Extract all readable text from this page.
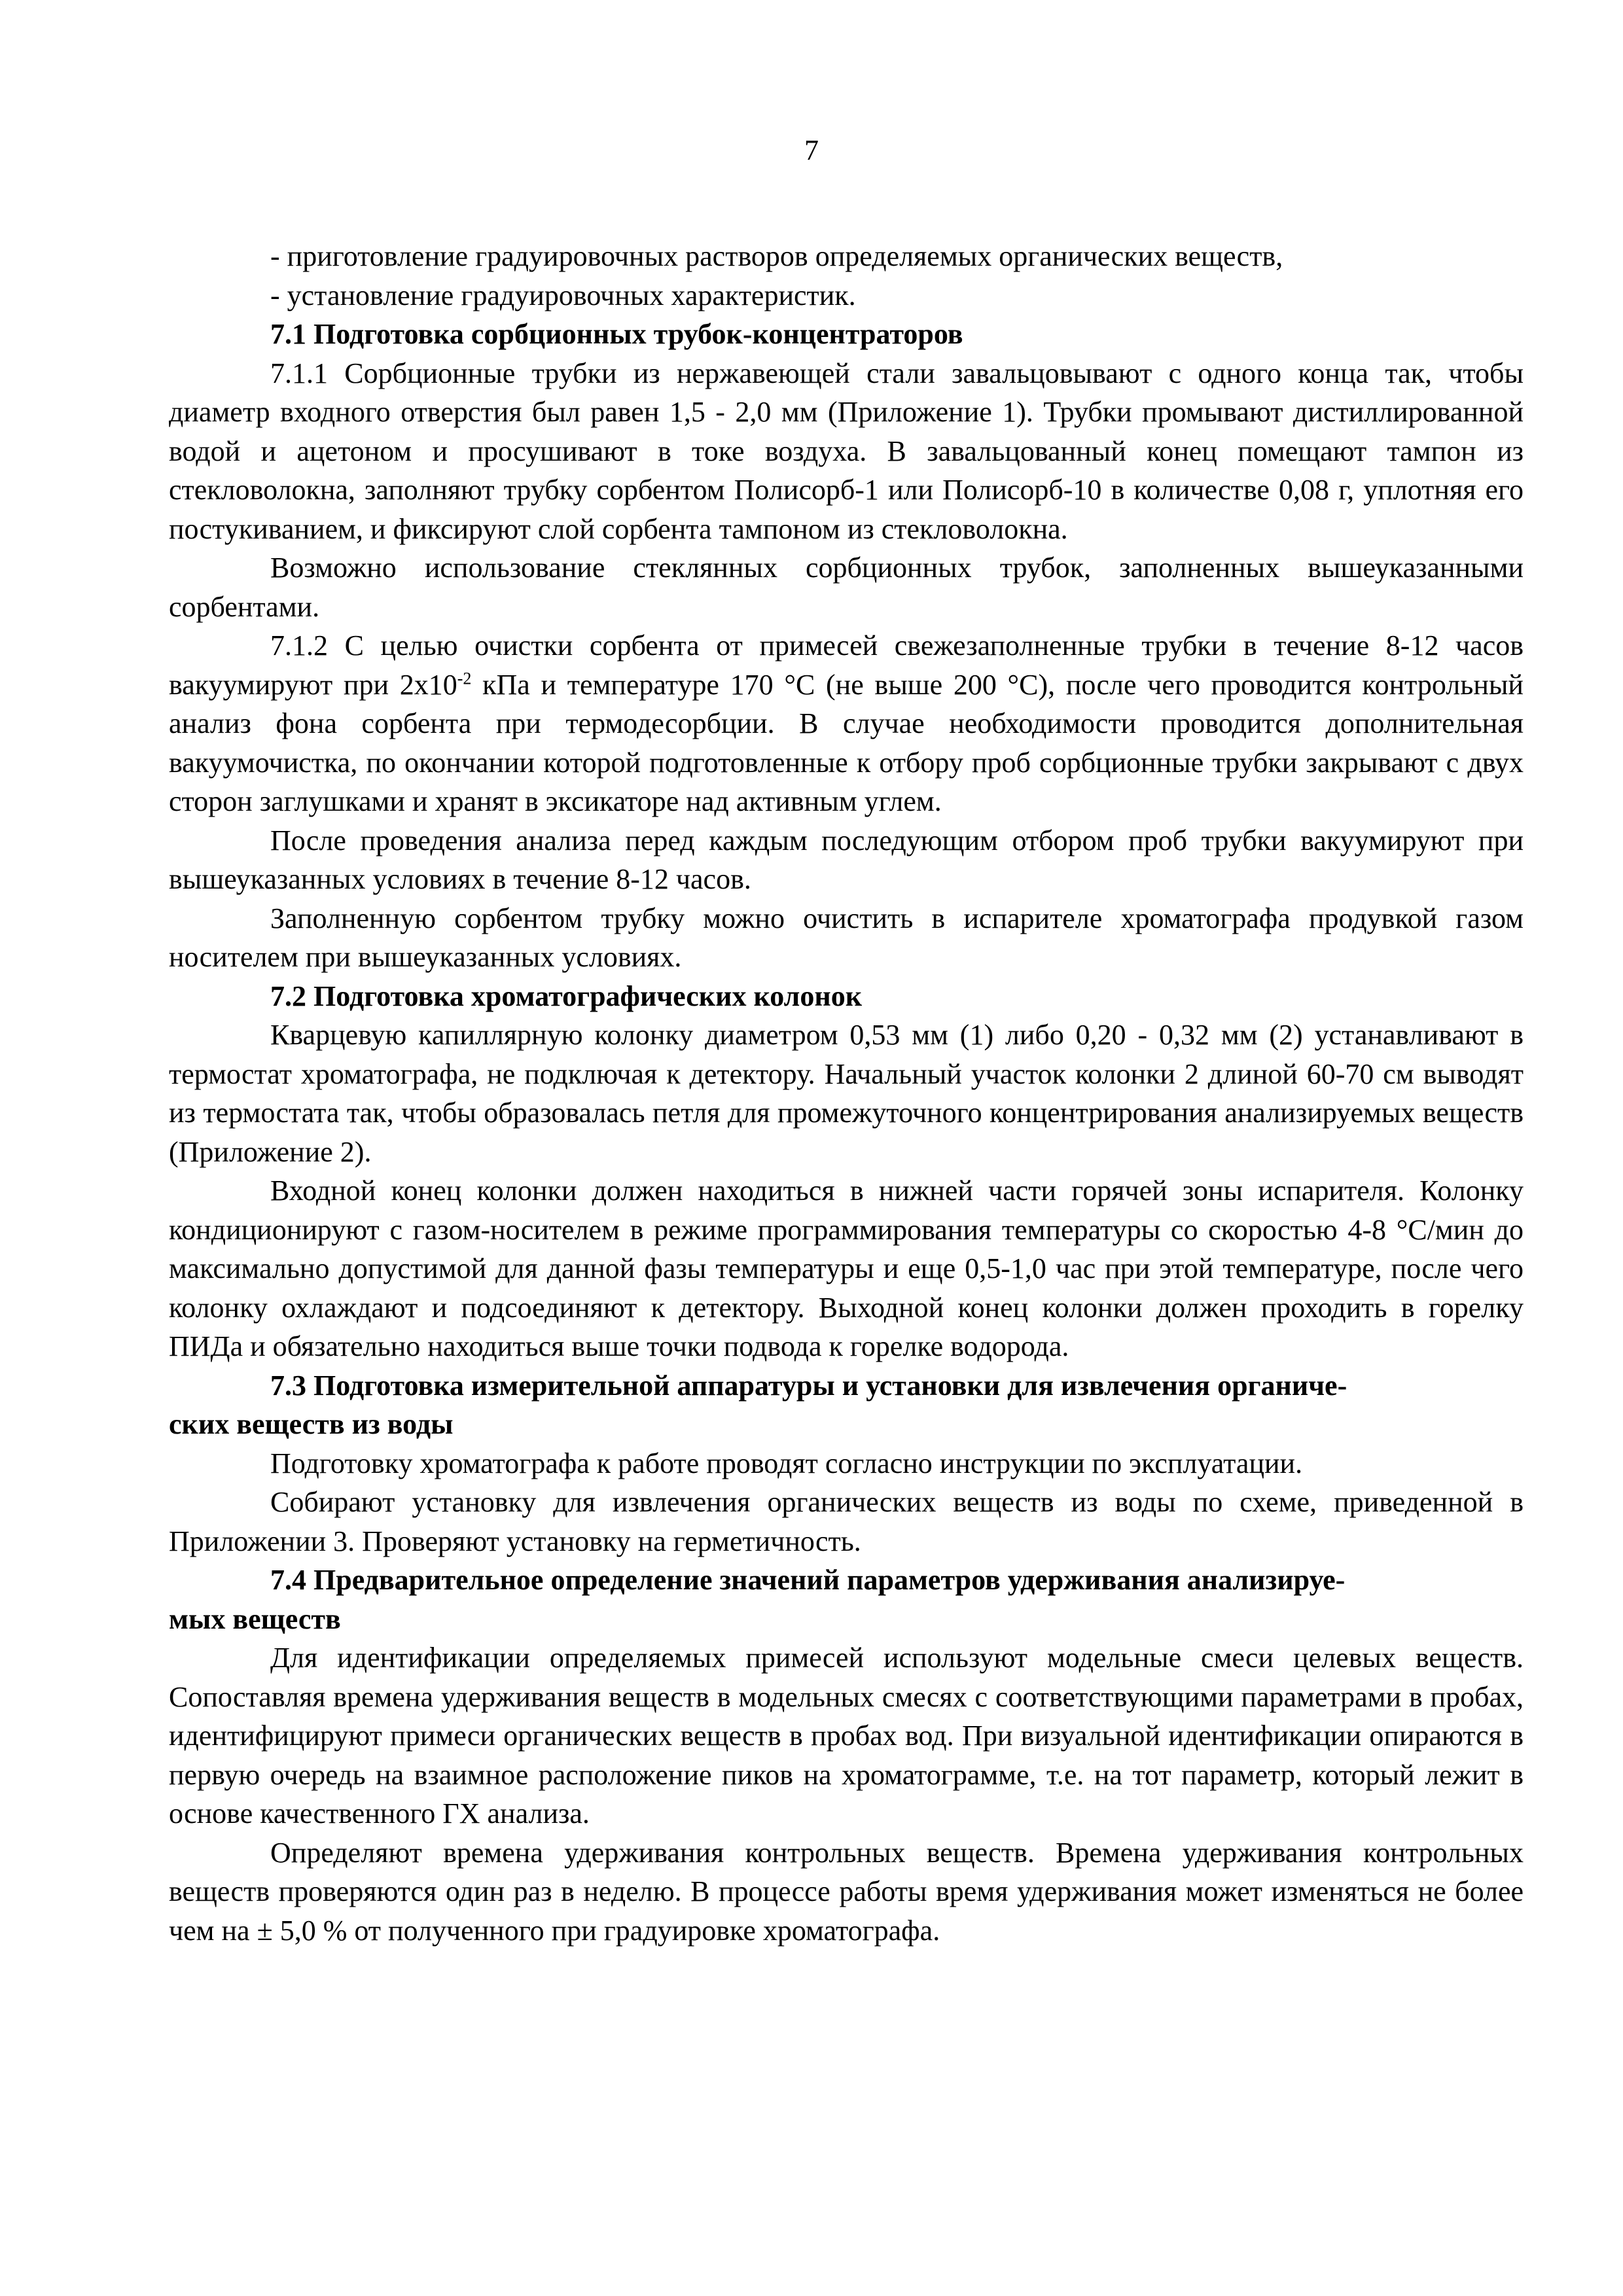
7

- приготовление градуировочных растворов определяемых органических веществ,

- установление градуировочных характеристик.

7.1 Подготовка сорбционных трубок-концентраторов

7.1.1 Сорбционные трубки из нержавеющей стали завальцовывают с одного конца так, чтобы диаметр входного отверстия был равен 1,5 - 2,0 мм (Приложение 1). Трубки промывают дистиллированной водой и ацетоном и просушивают в токе воздуха. В завальцованный конец помещают тампон из стекловолокна, заполняют трубку сорбентом Полисорб-1 или Полисорб-10 в количестве 0,08 г, уплотняя его постукиванием, и фиксируют слой сорбента тампоном из стекловолокна.

Возможно использование стеклянных сорбционных трубок, заполненных вышеуказанными сорбентами.

7.1.2 С целью очистки сорбента от примесей свежезаполненные трубки в течение 8-12 часов вакуумируют при $2х10^{-2}$ кПа и температуре 170 °С (не выше 200 °С), после чего проводится контрольный анализ фона сорбента при термодесорбции. В случае необходимости проводится дополнительная вакуумочистка, по окончании которой подготовленные к отбору проб сорбционные трубки закрывают с двух сторон заглушками и хранят в эксикаторе над активным углем.

После проведения анализа перед каждым последующим отбором проб трубки вакуумируют при вышеуказанных условиях в течение 8-12 часов.

Заполненную сорбентом трубку можно очистить в испарителе хроматографа продувкой газом носителем при вышеуказанных условиях.

7.2 Подготовка хроматографических колонок

Кварцевую капиллярную колонку диаметром 0,53 мм (1) либо 0,20 - 0,32 мм (2) устанавливают в термостат хроматографа, не подключая к детектору. Начальный участок колонки 2 длиной 60-70 см выводят из термостата так, чтобы образовалась петля для промежуточного концентрирования анализируемых веществ (Приложение 2).

Входной конец колонки должен находиться в нижней части горячей зоны испарителя. Колонку кондиционируют с газом-носителем в режиме программирования температуры со скоростью 4-8 °С/мин до максимально допустимой для данной фазы температуры и еще 0,5-1,0 час при этой температуре, после чего колонку охлаждают и подсоединяют к детектору. Выходной конец колонки должен проходить в горелку ПИДа и обязательно находиться выше точки подвода к горелке водорода.

7.3 Подготовка измерительной аппаратуры и установки для извлечения органиче-

ских веществ из воды

Подготовку хроматографа к работе проводят согласно инструкции по эксплуатации.

Собирают установку для извлечения органических веществ из воды по схеме, приведенной в Приложении 3. Проверяют установку на герметичность.

7.4 Предварительное определение значений параметров удерживания анализируе-

мых веществ

Для идентификации определяемых примесей используют модельные смеси целевых веществ. Сопоставляя времена удерживания веществ в модельных смесях с соответствующими параметрами в пробах, идентифицируют примеси органических веществ в пробах вод. При визуальной идентификации опираются в первую очередь на взаимное расположение пиков на хроматограмме, т.е. на тот параметр, который лежит в основе качественного ГХ анализа.

Определяют времена удерживания контрольных веществ. Времена удерживания контрольных веществ проверяются один раз в неделю. В процессе работы время удерживания может изменяться не более чем на ± 5,0 % от полученного при градуировке хроматографа.
